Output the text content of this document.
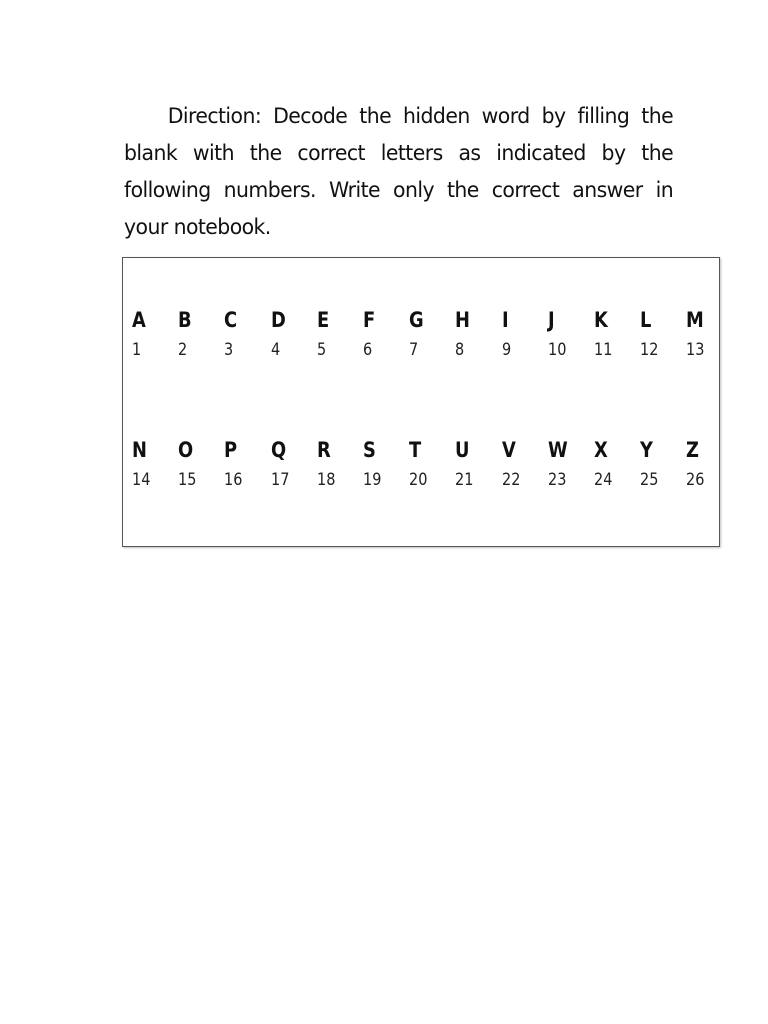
Direction: Decode the hidden word by filling the blank with the correct letters as indicated by the following numbers. Write only the correct answer in your notebook.

A
1
B
2
C
3
D
4
E
5
F
6
G
7
H
8
I
9
J
10
K
11
L
12
M
13
N
14
O
15
P
16
Q
17
R
18
S
19
T
20
U
21
V
22
W
23
X
24
Y
25
Z
26
